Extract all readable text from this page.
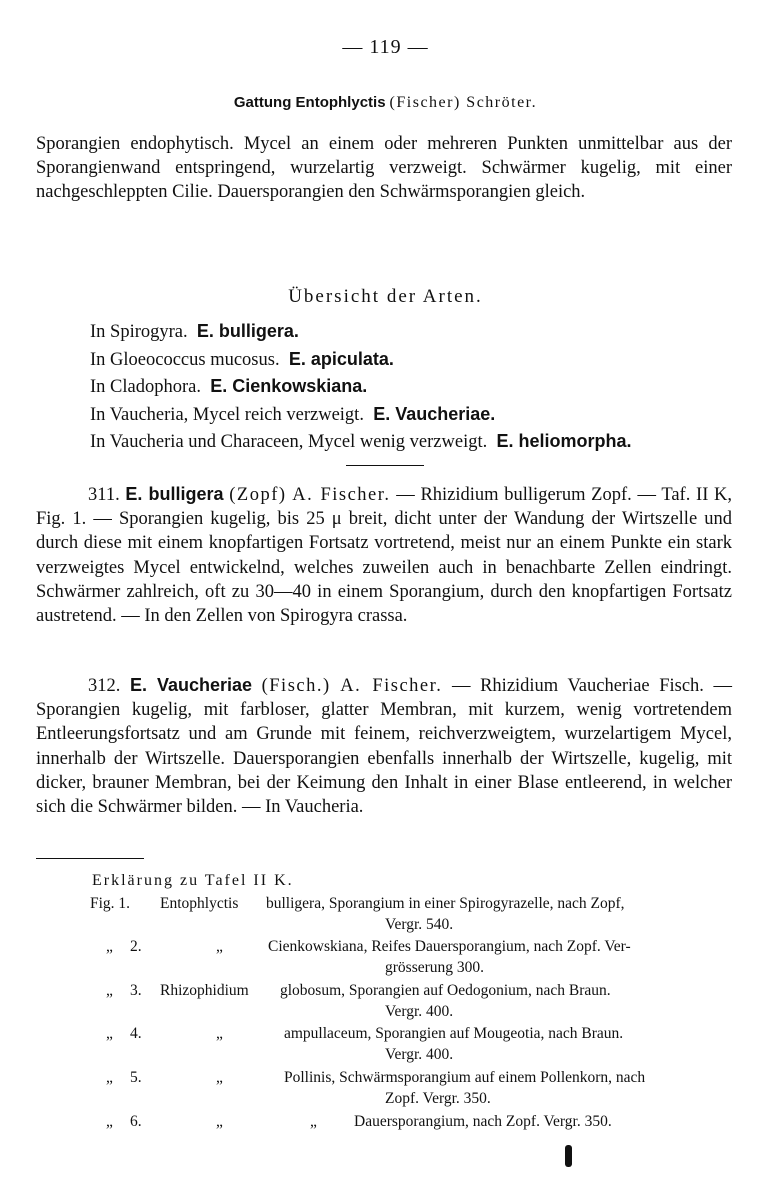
— 119 —
Gattung Entophlyctis (Fischer) Schröter.
Sporangien endophytisch. Mycel an einem oder mehreren Punkten unmittelbar aus der Sporangienwand entspringend, wurzelartig verzweigt. Schwärmer kugelig, mit einer nachgeschleppten Cilie. Dauersporangien den Schwärmsporangien gleich.
Übersicht der Arten.
In Spirogyra. E. bulligera.
In Gloeococcus mucosus. E. apiculata.
In Cladophora. E. Cienkowskiana.
In Vaucheria, Mycel reich verzweigt. E. Vaucheriae.
In Vaucheria und Characeen, Mycel wenig verzweigt. E. heliomorpha.
311. E. bulligera (Zopf) A. Fischer. — Rhizidium bulligerum Zopf. — Taf. II K, Fig. 1. — Sporangien kugelig, bis 25 μ breit, dicht unter der Wandung der Wirtszelle und durch diese mit einem knopfartigen Fortsatz vortretend, meist nur an einem Punkte ein stark verzweigtes Mycel entwickelnd, welches zuweilen auch in benachbarte Zellen eindringt. Schwärmer zahlreich, oft zu 30—40 in einem Sporangium, durch den knopfartigen Fortsatz austretend. — In den Zellen von Spirogyra crassa.
312. E. Vaucheriae (Fisch.) A. Fischer. — Rhizidium Vaucheriae Fisch. — Sporangien kugelig, mit farbloser, glatter Membran, mit kurzem, wenig vortretendem Entleerungsfortsatz und am Grunde mit feinem, reichverzweigtem, wurzelartigem Mycel, innerhalb der Wirtszelle. Dauersporangien ebenfalls innerhalb der Wirtszelle, kugelig, mit dicker, brauner Membran, bei der Keimung den Inhalt in einer Blase entleerend, in welcher sich die Schwärmer bilden. — In Vaucheria.
Erklärung zu Tafel II K.
Fig. 1.	Entophlyctis bulligera, Sporangium in einer Spirogyrazelle, nach Zopf,
Vergr. 540.
„ 2.	„	Cienkowskiana, Reifes Dauersporangium, nach Zopf. Ver-
grösserung 300.
„ 3. Rhizophidium globosum, Sporangien auf Oedogonium, nach Braun.
Vergr. 400.
„ 4.	„	ampullaceum, Sporangien auf Mougeotia, nach Braun.
Vergr. 400.
„ 5.	„	Pollinis, Schwärmsporangium auf einem Pollenkorn, nach
Zopf. Vergr. 350.
„ 6.	„	„ Dauersporangium, nach Zopf. Vergr. 350.
